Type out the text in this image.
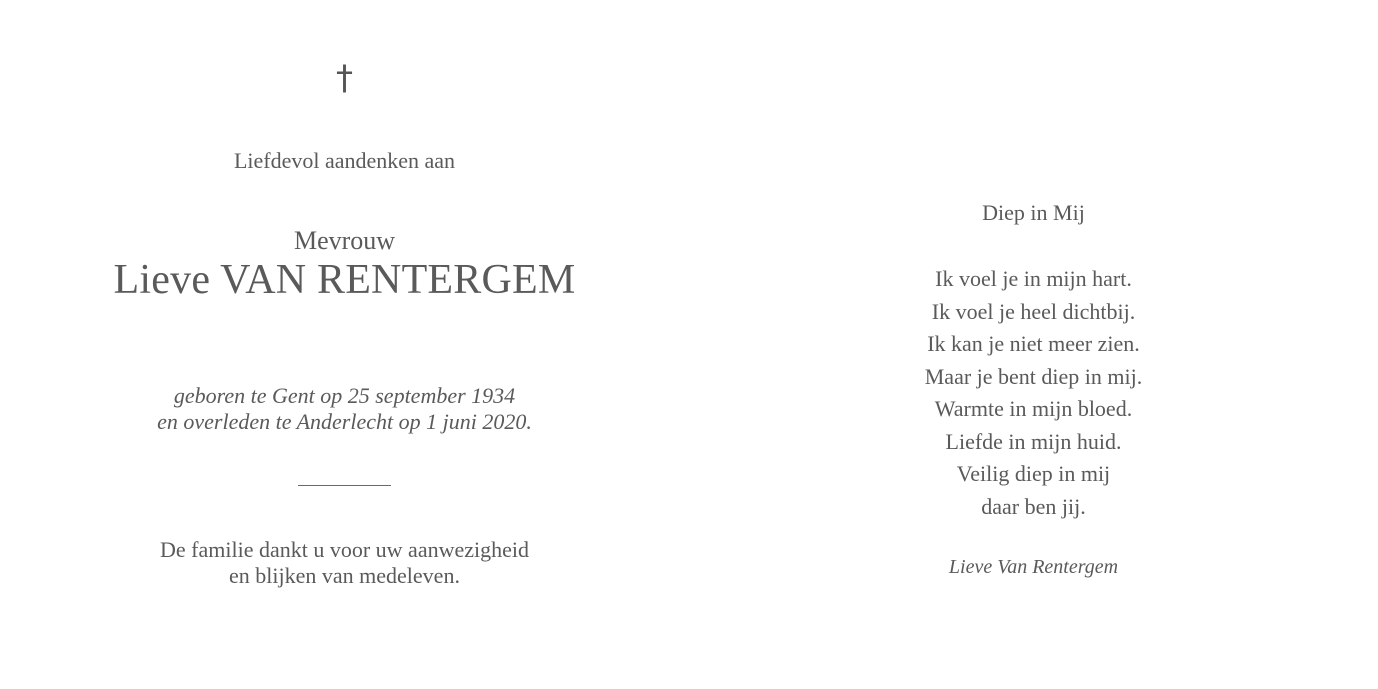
†
Liefdevol aandenken aan
Mevrouw
Lieve VAN RENTERGEM
geboren te Gent op 25 september 1934
en overleden te Anderlecht op 1 juni 2020.
De familie dankt u voor uw aanwezigheid
en blijken van medeleven.
Diep in Mij
Ik voel je in mijn hart.
Ik voel je heel dichtbij.
Ik kan je niet meer zien.
Maar je bent diep in mij.
Warmte in mijn bloed.
Liefde in mijn huid.
Veilig diep in mij
daar ben jij.
Lieve Van Rentergem
